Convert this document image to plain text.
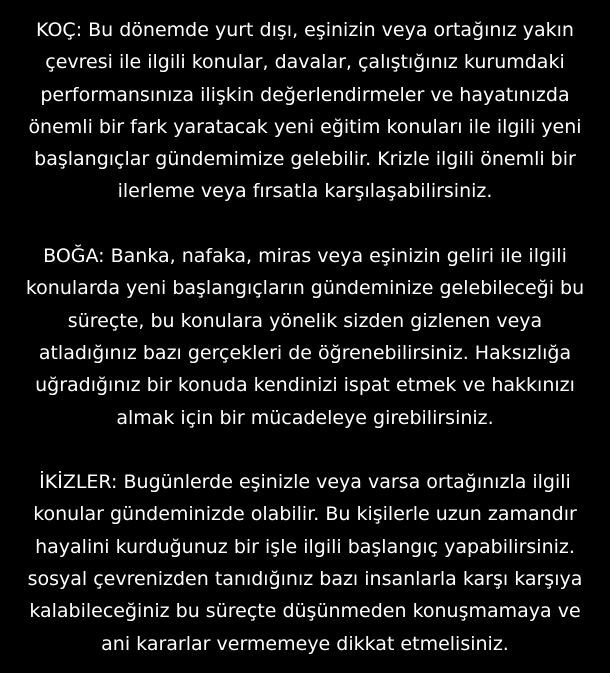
KOÇ: Bu dönemde yurt dışı, eşinizin veya ortağınız yakın
çevresi ile ilgili konular, davalar, çalıştığınız kurumdaki
performansınıza ilişkin değerlendirmeler ve hayatınızda
önemli bir fark yaratacak yeni eğitim konuları ile ilgili yeni
başlangıçlar gündemimize gelebilir. Krizle ilgili önemli bir
ilerleme veya fırsatla karşılaşabilirsiniz.
BOĞA: Banka, nafaka, miras veya eşinizin geliri ile ilgili
konularda yeni başlangıçların gündeminize gelebileceği bu
süreçte, bu konulara yönelik sizden gizlenen veya
atladığınız bazı gerçekleri de öğrenebilirsiniz. Haksızlığa
uğradığınız bir konuda kendinizi ispat etmek ve hakkınızı
almak için bir mücadeleye girebilirsiniz.
İKİZLER: Bugünlerde eşinizle veya varsa ortağınızla ilgili
konular gündeminizde olabilir. Bu kişilerle uzun zamandır
hayalini kurduğunuz bir işle ilgili başlangıç yapabilirsiniz.
sosyal çevrenizden tanıdığınız bazı insanlarla karşı karşıya
kalabileceğiniz bu süreçte düşünmeden konuşmamaya ve
ani kararlar vermemeye dikkat etmelisiniz.
